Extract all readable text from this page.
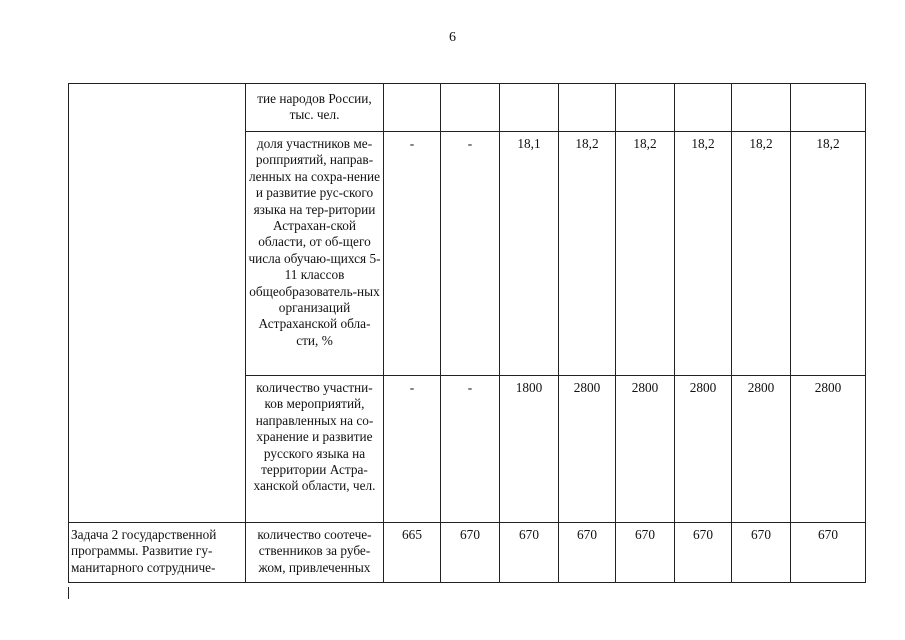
6
	тие народов России, тыс. чел.								
	доля участников ме-ропприятий, направ-ленных на сохра-нение и развитие рус-ского языка на тер-ритории Астрахан-ской области, от об-щего числа обучаю-щихся 5-11 классов общеобразователь-ных организаций Астраханской обла-сти, %	-	-	18,1	18,2	18,2	18,2	18,2	18,2
	количество участни-ков мероприятий, направленных на со-хранение и развитие русского языка на территории Астра-ханской области, чел.	-	-	1800	2800	2800	2800	2800	2800
Задача 2 государственной программы. Развитие гу-манитарного сотрудниче-	количество соотече-ственников за рубе-жом, привлеченных	665	670	670	670	670	670	670	670
